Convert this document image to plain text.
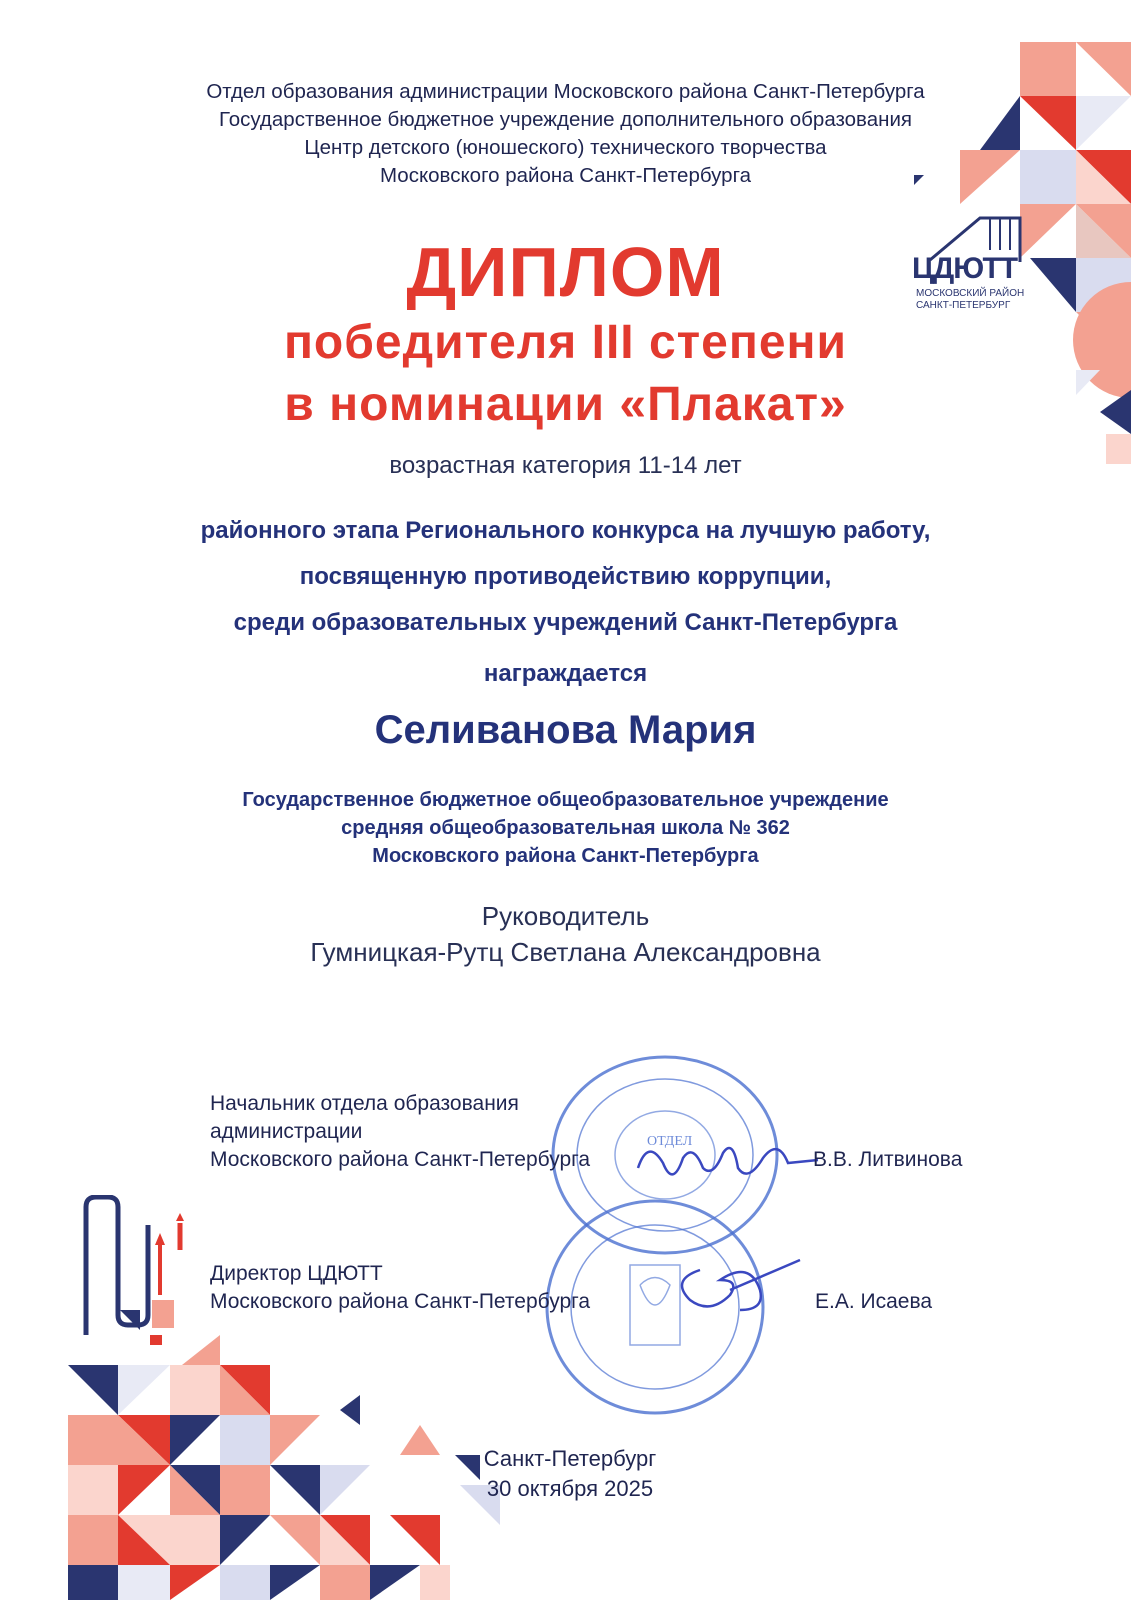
Отдел образования администрации Московского района Санкт-Петербурга
Государственное бюджетное учреждение дополнительного образования
Центр детского (юношеского) технического творчества
Московского района Санкт-Петербурга
ЦДЮТТ
МОСКОВСКИЙ РАЙОН
САНКТ-ПЕТЕРБУРГ
ДИПЛОМ
победителя III степени
в номинации «Плакат»
возрастная категория 11-14 лет
районного этапа Регионального конкурса на лучшую работу,
посвященную противодействию коррупции,
среди образовательных учреждений Санкт-Петербурга
награждается
Селиванова Мария
Государственное бюджетное общеобразовательное учреждение
средняя общеобразовательная школа № 362
Московского района Санкт-Петербурга
Руководитель
Гумницкая-Рутц Светлана Александровна
ОТДЕЛ
Начальник отдела образования
администрации
Московского района Санкт-Петербурга	В.В. Литвинова
Директор ЦДЮТТ
Московского района Санкт-Петербурга	Е.А. Исаева
Санкт-Петербург
30 октября 2025
